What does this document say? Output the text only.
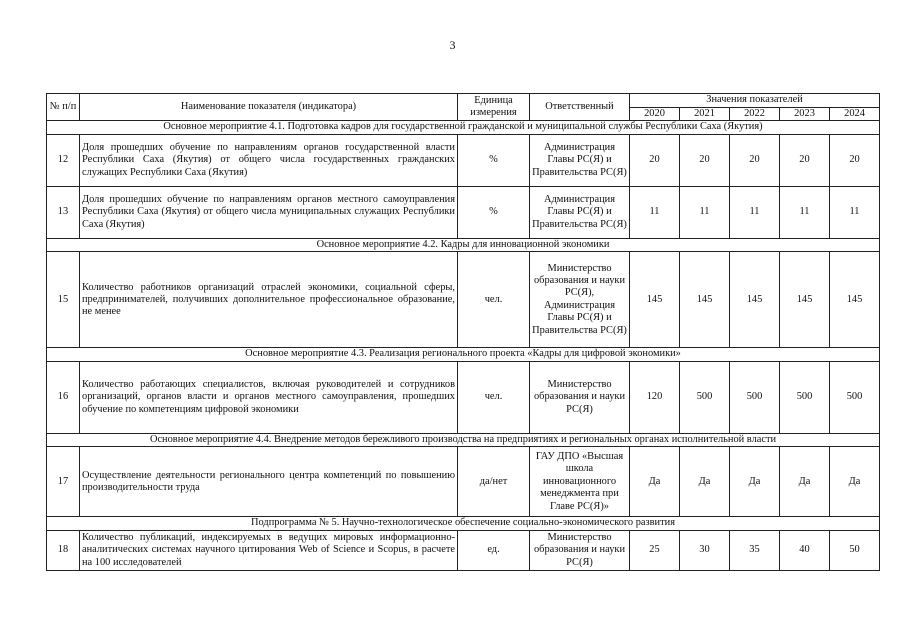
3
№ п/п	Наименование показателя (индикатора)	Единица измерения	Ответственный	Значения показателей				
				2020	2021	2022	2023	2024
Основное мероприятие 4.1. Подготовка кадров для государственной гражданской и муниципальной службы Республики Саха (Якутия)								
12	Доля прошедших обучение по направлениям органов государственной власти Республики Саха (Якутия) от общего числа государственных гражданских служащих Республики Саха (Якутия)	%	Администрация Главы РС(Я) и Правительства РС(Я)	20	20	20	20	20
13	Доля прошедших обучение по направлениям органов местного самоуправления Республики Саха (Якутия) от общего числа муниципальных служащих Республики Саха (Якутия)	%	Администрация Главы РС(Я) и Правительства РС(Я)	11	11	11	11	11
Основное мероприятие 4.2. Кадры для инновационной экономики								
15	Количество работников организаций отраслей экономики, социальной сферы, предпринимателей, получивших дополнительное профессиональное образование, не менее	чел.	Министерство образования и науки РС(Я), Администрация Главы РС(Я) и Правительства РС(Я)	145	145	145	145	145
Основное мероприятие 4.3. Реализация регионального проекта «Кадры для цифровой экономики»								
16	Количество работающих специалистов, включая руководителей и сотрудников организаций, органов власти и органов местного самоуправления, прошедших обучение по компетенциям цифровой экономики	чел.	Министерство образования и науки РС(Я)	120	500	500	500	500
Основное мероприятие 4.4. Внедрение методов бережливого производства на предприятиях и региональных органах исполнительной власти								
17	Осуществление деятельности регионального центра компетенций по повышению производительности труда	да/нет	ГАУ ДПО «Высшая школа инновационного менеджмента при Главе РС(Я)»	Да	Да	Да	Да	Да
Подпрограмма № 5. Научно-технологическое обеспечение социально-экономического развития								
18	Количество публикаций, индексируемых в ведущих мировых информационно-аналитических системах научного цитирования Web of Science и Scopus, в расчете на 100 исследователей	ед.	Министерство образования и науки РС(Я)	25	30	35	40	50
